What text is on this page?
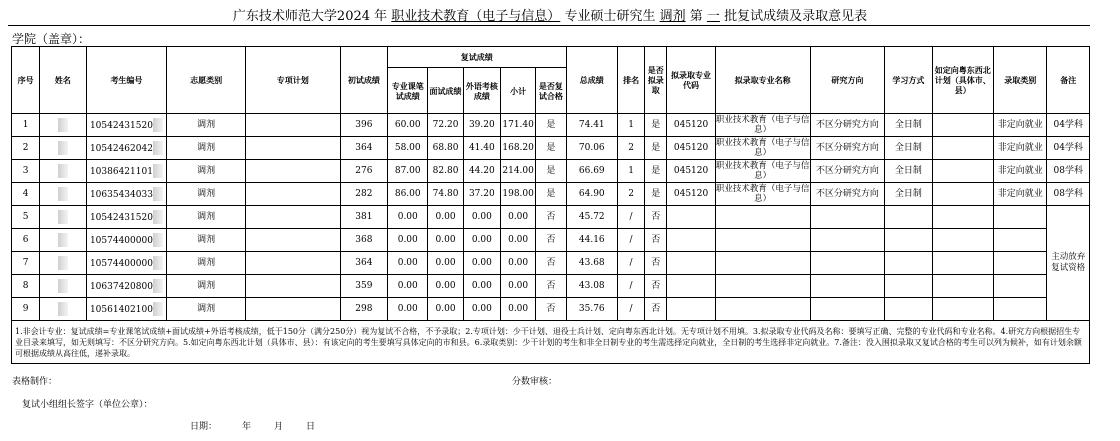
广东技术师范大学2024 年 职业技术教育（电子与信息） 专业硕士研究生 调剂 第 一 批复试成绩及录取意见表
学院（盖章）：
序号	姓名	考生编号	志愿类别	专项计划	初试成绩	复试成绩					总成绩	排名	是否拟录取	拟录取专业代码	拟录取专业名称	研究方向	学习方式	如定向粤东西北计划（具体市、县）	录取类别	备注
						专业课笔试成绩	面试成绩	外语考核成绩	小计	是否复试合格										
1		10542431520	调剂		396	60.00	72.20	39.20	171.40	是	74.41	1	是	045120	职业技术教育（电子与信息）	不区分研究方向	全日制		非定向就业	04学科
2		10542462042	调剂		364	58.00	68.80	41.40	168.20	是	70.06	2	是	045120	职业技术教育（电子与信息）	不区分研究方向	全日制		非定向就业	04学科
3		10386421101	调剂		276	87.00	82.80	44.20	214.00	是	66.69	1	是	045120	职业技术教育（电子与信息）	不区分研究方向	全日制		非定向就业	08学科
4		10635434033	调剂		282	86.00	74.80	37.20	198.00	是	64.90	2	是	045120	职业技术教育（电子与信息）	不区分研究方向	全日制		非定向就业	08学科
5		10542431520	调剂		381	0.00	0.00	0.00	0.00	否	45.72	/	否							主动放弃复试资格
6		10574400000	调剂		368	0.00	0.00	0.00	0.00	否	44.16	/	否							
7		10574400000	调剂		364	0.00	0.00	0.00	0.00	否	43.68	/	否							
8		10637420800	调剂		359	0.00	0.00	0.00	0.00	否	43.08	/	否							
9		10561402100	调剂		298	0.00	0.00	0.00	0.00	否	35.76	/	否							
1.非会计专业：复试成绩=专业课笔试成绩+面试成绩+外语考核成绩，低于150分（满分250分）视为复试不合格，不予录取；2.专项计划：少干计划、退役士兵计划、定向粤东西北计划。无专项计划不用填。3.拟录取专业代码及名称：要填写正确、完整的专业代码和专业名称。4.研究方向根据招生专业目录来填写，如无则填写：不区分研究方向。5.如定向粤东西北计划（具体市、县）：有该定向的考生要填写具体定向的市和县。6.录取类别：少干计划的考生和非全日制专业的考生需选择定向就业，全日制的考生选择非定向就业。7.备注：没入围拟录取又复试合格的考生可以列为候补，如有计划余额可根据成绩从高往低，递补录取。																				
表格制作：	分数审核：
复试小组组长签字（单位公章）：
日期：	年	月	日
